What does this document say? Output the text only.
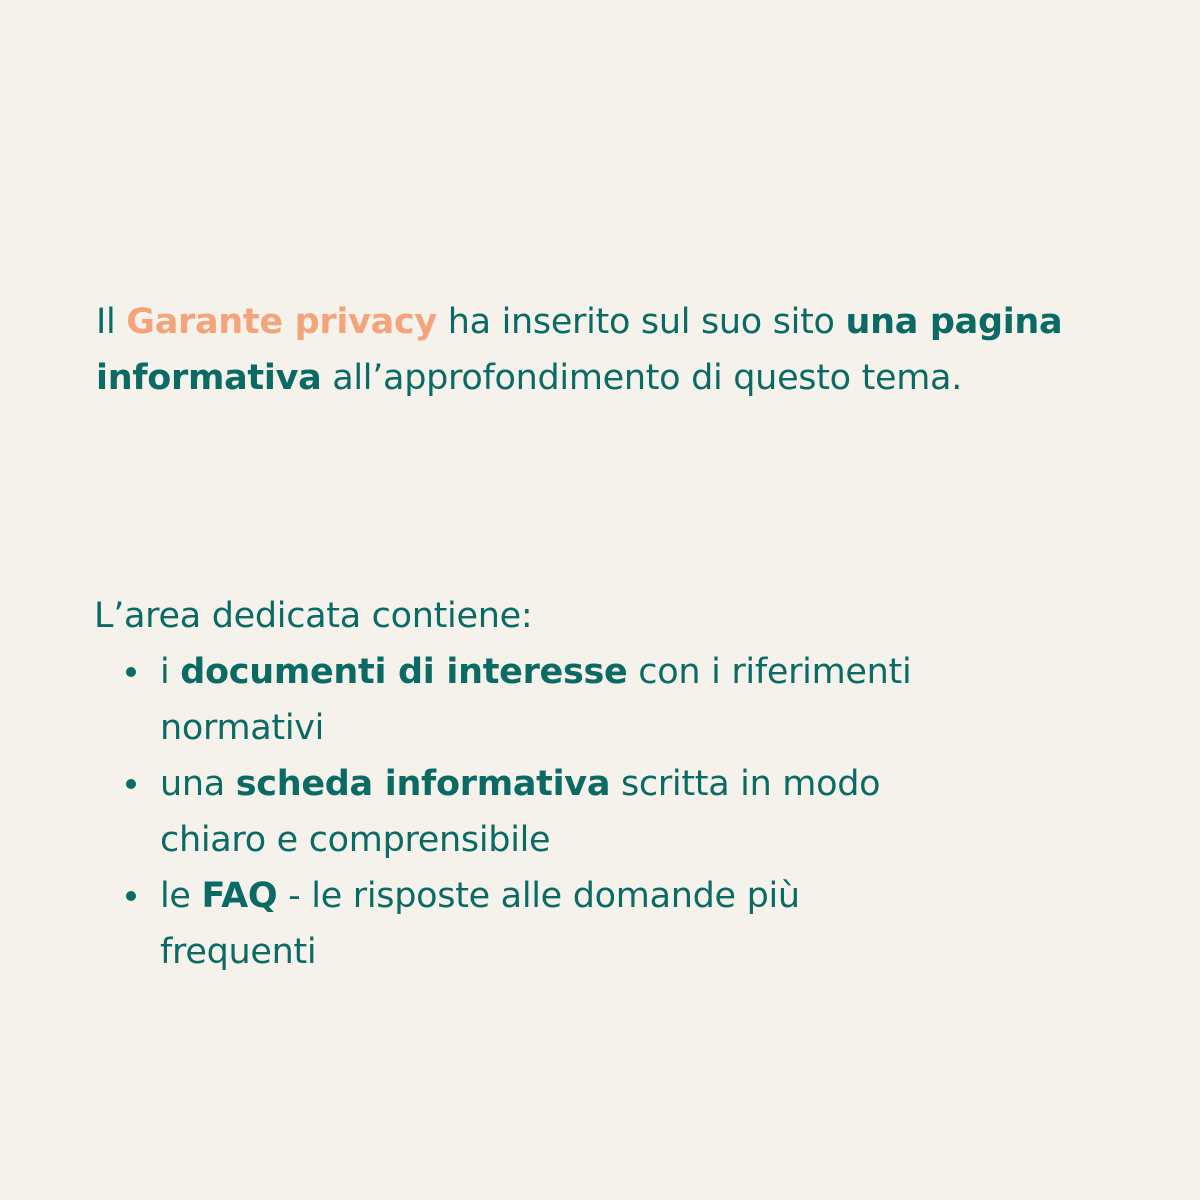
Il Garante privacy ha inserito sul suo sito una pagina informativa all’approfondimento di questo tema.

L’area dedicata contiene:

i documenti di interesse con i riferimenti normativi
una scheda informativa scritta in modo chiaro e comprensibile
le FAQ - le risposte alle domande più frequenti
